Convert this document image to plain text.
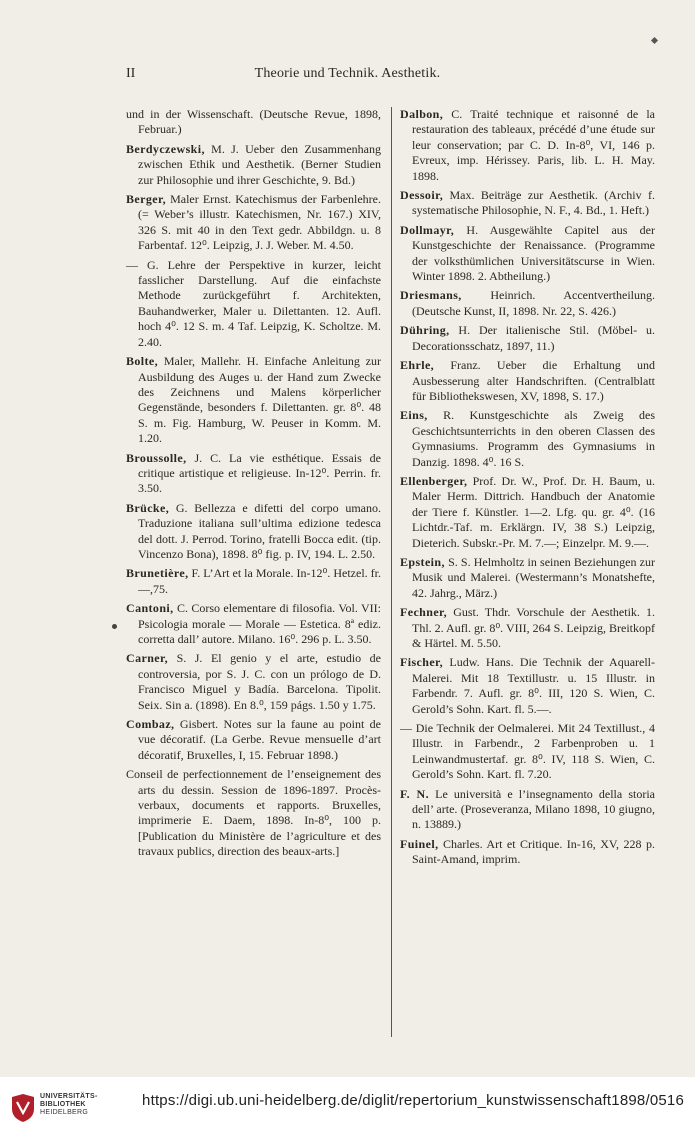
II	Theorie und Technik. Aesthetik.

und in der Wissenschaft. (Deutsche Revue, 1898, Februar.)

Berdyczewski, M. J. Ueber den Zusammenhang zwischen Ethik und Aesthetik. (Berner Studien zur Philosophie und ihrer Geschichte, 9. Bd.)

Berger, Maler Ernst. Katechismus der Farbenlehre. (= Weber’s illustr. Katechismen, Nr. 167.) XIV, 326 S. mit 40 in den Text gedr. Abbildgn. u. 8 Farbentaf. 12⁰. Leipzig, J. J. Weber. M. 4.50.

— G. Lehre der Perspektive in kurzer, leicht fasslicher Darstellung. Auf die einfachste Methode zurückgeführt f. Architekten, Bauhandwerker, Maler u. Dilettanten. 12. Aufl. hoch 4⁰. 12 S. m. 4 Taf. Leipzig, K. Scholtze. M. 2.40.

Bolte, Maler, Mallehr. H. Einfache Anleitung zur Ausbildung des Auges u. der Hand zum Zwecke des Zeichnens und Malens körperlicher Gegenstände, besonders f. Dilettanten. gr. 8⁰. 48 S. m. Fig. Hamburg, W. Peuser in Komm. M. 1.20.

Broussolle, J. C. La vie esthétique. Essais de critique artistique et religieuse. In-12⁰. Perrin. fr. 3.50.

Brücke, G. Bellezza e difetti del corpo umano. Traduzione italiana sull’ultima edizione tedesca del dott. J. Perrod. Torino, fratelli Bocca edit. (tip. Vincenzo Bona), 1898. 8⁰ fig. p. IV, 194. L. 2.50.

Brunetière, F. L’Art et la Morale. In-12⁰. Hetzel. fr. —,75.

Cantoni, C. Corso elementare di filosofia. Vol. VII: Psicologia morale — Morale — Estetica. 8ª ediz. corretta dall’ autore. Milano. 16⁰. 296 p. L. 3.50.

Carner, S. J. El genio y el arte, estudio de controversia, por S. J. C. con un prólogo de D. Francisco Miguel y Badía. Barcelona. Tipolit. Seix. Sin a. (1898). En 8.⁰, 159 págs. 1.50 y 1.75.

Combaz, Gisbert. Notes sur la faune au point de vue décoratif. (La Gerbe. Revue mensuelle d’art décoratif, Bruxelles, I, 15. Februar 1898.)

Conseil de perfectionnement de l’enseignement des arts du dessin. Session de 1896-1897. Procès-verbaux, documents et rapports. Bruxelles, imprimerie E. Daem, 1898. In-8⁰, 100 p. [Publication du Ministère de l’agriculture et des travaux publics, direction des beaux-arts.]

Dalbon, C. Traité technique et raisonné de la restauration des tableaux, précédé d’une étude sur leur conservation; par C. D. In-8⁰, VI, 146 p. Evreux, imp. Hérissey. Paris, lib. L. H. May. 1898.

Dessoir, Max. Beiträge zur Aesthetik. (Archiv f. systematische Philosophie, N. F., 4. Bd., 1. Heft.)

Dollmayr, H. Ausgewählte Capitel aus der Kunstgeschichte der Renaissance. (Programme der volksthümlichen Universitätscurse in Wien. Winter 1898. 2. Abtheilung.)

Driesmans, Heinrich. Accentvertheilung. (Deutsche Kunst, II, 1898. Nr. 22, S. 426.)

Dühring, H. Der italienische Stil. (Möbel- u. Decorationsschatz, 1897, 11.)

Ehrle, Franz. Ueber die Erhaltung und Ausbesserung alter Handschriften. (Centralblatt für Bibliothekswesen, XV, 1898, S. 17.)

Eins, R. Kunstgeschichte als Zweig des Geschichtsunterrichts in den oberen Classen des Gymnasiums. Programm des Gymnasiums in Danzig. 1898. 4⁰. 16 S.

Ellenberger, Prof. Dr. W., Prof. Dr. H. Baum, u. Maler Herm. Dittrich. Handbuch der Anatomie der Tiere f. Künstler. 1—2. Lfg. qu. gr. 4⁰. (16 Lichtdr.-Taf. m. Erklärgn. IV, 38 S.) Leipzig, Dieterich. Subskr.-Pr. M. 7.—; Einzelpr. M. 9.—.

Epstein, S. S. Helmholtz in seinen Beziehungen zur Musik und Malerei. (Westermann’s Monatshefte, 42. Jahrg., März.)

Fechner, Gust. Thdr. Vorschule der Aesthetik. 1. Thl. 2. Aufl. gr. 8⁰. VIII, 264 S. Leipzig, Breitkopf & Härtel. M. 5.50.

Fischer, Ludw. Hans. Die Technik der Aquarell-Malerei. Mit 18 Textillustr. u. 15 Illustr. in Farbendr. 7. Aufl. gr. 8⁰. III, 120 S. Wien, C. Gerold’s Sohn. Kart. fl. 5.—.

— Die Technik der Oelmalerei. Mit 24 Textillust., 4 Illustr. in Farbendr., 2 Farbenproben u. 1 Leinwandmustertaf. gr. 8⁰. IV, 118 S. Wien, C. Gerold’s Sohn. Kart. fl. 7.20.

F. N. Le università e l’insegnamento della storia dell’ arte. (Proseveranza, Milano 1898, 10 giugno, n. 13889.)

Fuinel, Charles. Art et Critique. In-16, XV, 228 p. Saint-Amand, imprim.

UNIVERSITÄTS-
BIBLIOTHEK
HEIDELBERG
https://digi.ub.uni-heidelberg.de/diglit/repertorium_kunstwissenschaft1898/0516
